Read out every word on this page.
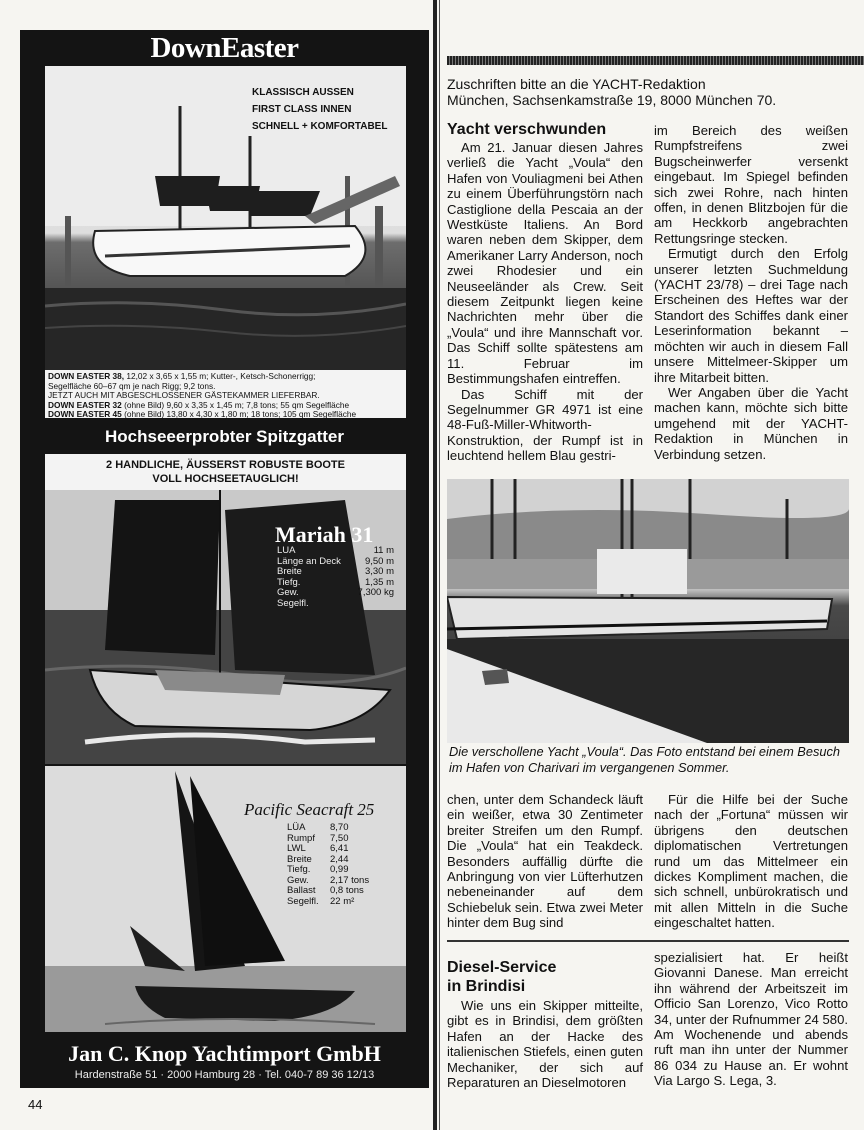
DownEaster
KLASSISCH AUSSEN
FIRST CLASS INNEN
SCHNELL + KOMFORTABEL
DOWN EASTER 38, 12,02 x 3,65 x 1,55 m; Kutter-, Ketsch-Schonerrigg;
Segelfläche 60–67 qm je nach Rigg; 9,2 tons.
JETZT AUCH MIT ABGESCHLOSSENER GÄSTEKAMMER LIEFERBAR.
DOWN EASTER 32 (ohne Bild) 9,60 x 3,35 x 1,45 m; 7,8 tons; 55 qm Segelfläche
DOWN EASTER 45 (ohne Bild) 13,80 x 4,30 x 1,80 m; 18 tons; 105 qm Segelfläche
Hochseeerprobter Spitzgatter
2 HANDLICHE, ÄUSSERST ROBUSTE BOOTE
VOLL HOCHSEETAUGLICH!
Mariah 31
LUA
Länge an Deck
Breite
Tiefg.
Gew.
Segelfl.
11 m
9,50 m
3,30 m
1,35 m
7,300 kg
Pacific Seacraft 25
LÜA
Rumpf
LWL
Breite
Tiefg.
Gew.
Ballast
Segelfl.
8,70
7,50
6,41
2,44
0,99
2,17 tons
0,8 tons
22 m²
Jan C. Knop Yachtimport GmbH
Hardenstraße 51 · 2000 Hamburg 28 · Tel. 040-7 89 36 12/13
44
Zuschriften bitte an die YACHT-Redaktion
München, Sachsenkamstraße 19, 8000 München 70.
Yacht verschwunden

Am 21. Januar diesen Jahres verließ die Yacht „Voula“ den Hafen von Vouliagmeni bei Athen zu einem Überführungstörn nach Castiglione della Pescaia an der Westküste Italiens. An Bord waren neben dem Skipper, dem Amerikaner Larry Anderson, noch zwei Rhodesier und ein Neuseeländer als Crew. Seit diesem Zeitpunkt liegen keine Nachrichten mehr über die „Voula“ und ihre Mannschaft vor. Das Schiff sollte spätestens am 11. Februar im Bestimmungshafen eintreffen.

Das Schiff mit der Segelnummer GR 4971 ist eine 48-Fuß-Miller-Whitworth-Konstruktion, der Rumpf ist in leuchtend hellem Blau gestri-

im Bereich des weißen Rumpfstreifens zwei Bugscheinwerfer versenkt eingebaut. Im Spiegel befinden sich zwei Rohre, nach hinten offen, in denen Blitzbojen für die am Heckkorb angebrachten Rettungsringe stecken.

Ermutigt durch den Erfolg unserer letzten Suchmeldung (YACHT 23/78) – drei Tage nach Erscheinen des Heftes war der Standort des Schiffes dank einer Leserinformation bekannt – möchten wir auch in diesem Fall unsere Mittelmeer-Skipper um ihre Mitarbeit bitten.

Wer Angaben über die Yacht machen kann, möchte sich bitte umgehend mit der YACHT-Redaktion in München in Verbindung setzen.

Die verschollene Yacht „Voula“. Das Foto entstand bei einem Besuch im Hafen von Charivari im vergangenen Sommer.

chen, unter dem Schandeck läuft ein weißer, etwa 30 Zentimeter breiter Streifen um den Rumpf. Die „Voula“ hat ein Teakdeck. Besonders auffällig dürfte die Anbringung von vier Lüfterhutzen nebeneinander auf dem Schiebeluk sein. Etwa zwei Meter hinter dem Bug sind

Für die Hilfe bei der Suche nach der „Fortuna“ müssen wir übrigens den deutschen diplomatischen Vertretungen rund um das Mittelmeer ein dickes Kompliment machen, die sich schnell, unbürokratisch und mit allen Mitteln in die Suche eingeschaltet hatten.

Diesel-Service
in Brindisi

Wie uns ein Skipper mitteilte, gibt es in Brindisi, dem größten Hafen an der Hacke des italienischen Stiefels, einen guten Mechaniker, der sich auf Reparaturen an Dieselmotoren

spezialisiert hat. Er heißt Giovanni Danese. Man erreicht ihn während der Arbeitszeit im Officio San Lorenzo, Vico Rotto 34, unter der Rufnummer 24 580. Am Wochenende und abends ruft man ihn unter der Nummer 86 034 zu Hause an. Er wohnt Via Largo S. Lega, 3.
